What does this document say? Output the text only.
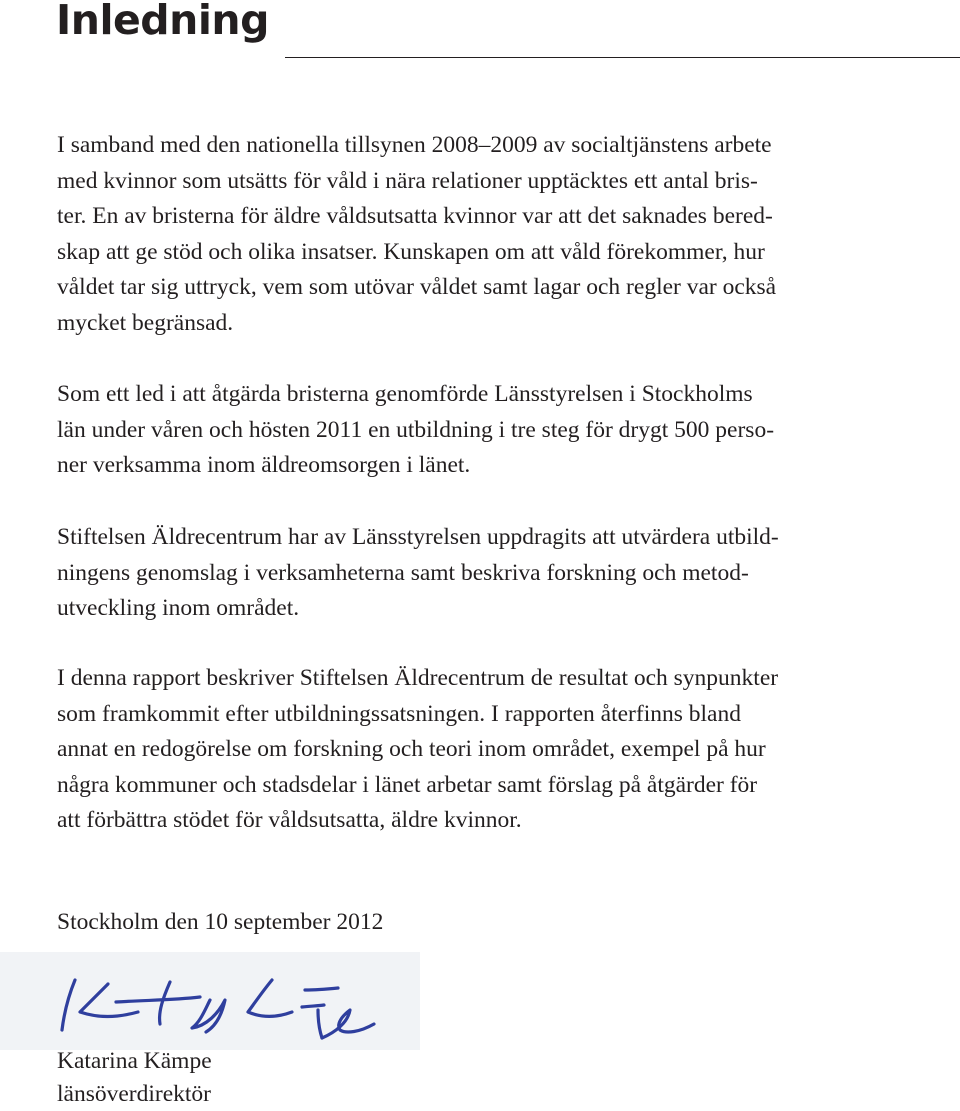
Inledning

I samband med den nationella tillsynen 2008–2009 av socialtjänstens arbete
med kvinnor som utsätts för våld i nära relationer upptäcktes ett antal bris-
ter. En av bristerna för äldre våldsutsatta kvinnor var att det saknades bered-
skap att ge stöd och olika insatser. Kunskapen om att våld förekommer, hur
våldet tar sig uttryck, vem som utövar våldet samt lagar och regler var också
mycket begränsad.

Som ett led i att åtgärda bristerna genomförde Länsstyrelsen i Stockholms
län under våren och hösten 2011 en utbildning i tre steg för drygt 500 perso-
ner verksamma inom äldreomsorgen i länet.

Stiftelsen Äldrecentrum har av Länsstyrelsen uppdragits att utvärdera utbild-
ningens genomslag i verksamheterna samt beskriva forskning och metod-
utveckling inom området.

I denna rapport beskriver Stiftelsen Äldrecentrum de resultat och synpunkter
som framkommit efter utbildningssatsningen. I rapporten återfinns bland
annat en redogörelse om forskning och teori inom området, exempel på hur
några kommuner och stadsdelar i länet arbetar samt förslag på åtgärder för
att förbättra stödet för våldsutsatta, äldre kvinnor.

Stockholm den 10 september 2012

Katarina Kämpe

länsöverdirektör
